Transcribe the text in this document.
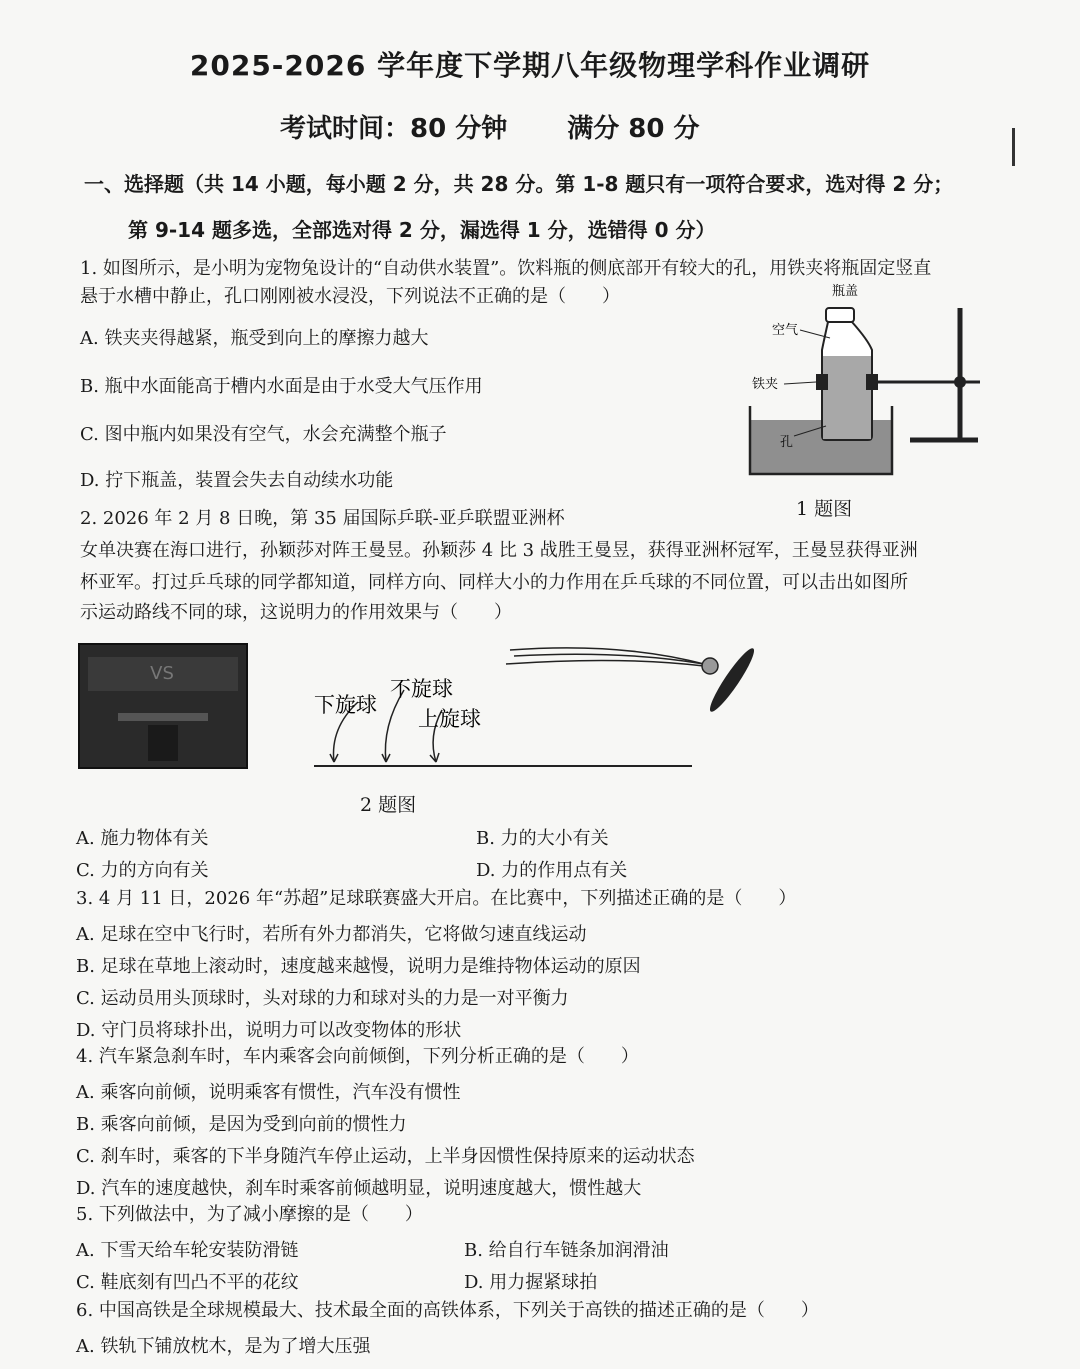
2025-2026 学年度下学期八年级物理学科作业调研
考试时间：80 分钟 满分 80 分
一、选择题（共 14 小题，每小题 2 分，共 28 分。第 1-8 题只有一项符合要求，选对得 2 分；
第 9-14 题多选，全部选对得 2 分，漏选得 1 分，选错得 0 分）
1. 如图所示，是小明为宠物兔设计的“自动供水装置”。饮料瓶的侧底部开有较大的孔，用铁夹将瓶固定竖直
悬于水槽中静止，孔口刚刚被水浸没，下列说法不正确的是（　　）
A. 铁夹夹得越紧，瓶受到向上的摩擦力越大
B. 瓶中水面能高于槽内水面是由于水受大气压作用
C. 图中瓶内如果没有空气，水会充满整个瓶子
D. 拧下瓶盖，装置会失去自动续水功能
瓶盖
空气
铁夹
孔
1 题图
2. 2026 年 2 月 8 日晚，第 35 届国际乒联-亚乒联盟亚洲杯
女单决赛在海口进行，孙颖莎对阵王曼昱。孙颖莎 4 比 3 战胜王曼昱，获得亚洲杯冠军，王曼昱获得亚洲
杯亚军。打过乒乓球的同学都知道，同样方向、同样大小的力作用在乒乓球的不同位置，可以击出如图所
示运动路线不同的球，这说明力的作用效果与（　　）
VS
下旋球
不旋球
上旋球
2 题图
A. 施力物体有关	B. 力的大小有关
C. 力的方向有关	D. 力的作用点有关
3. 4 月 11 日，2026 年“苏超”足球联赛盛大开启。在比赛中，下列描述正确的是（　　）
A. 足球在空中飞行时，若所有外力都消失，它将做匀速直线运动
B. 足球在草地上滚动时，速度越来越慢，说明力是维持物体运动的原因
C. 运动员用头顶球时，头对球的力和球对头的力是一对平衡力
D. 守门员将球扑出，说明力可以改变物体的形状
4. 汽车紧急刹车时，车内乘客会向前倾倒，下列分析正确的是（　　）
A. 乘客向前倾，说明乘客有惯性，汽车没有惯性
B. 乘客向前倾，是因为受到向前的惯性力
C. 刹车时，乘客的下半身随汽车停止运动，上半身因惯性保持原来的运动状态
D. 汽车的速度越快，刹车时乘客前倾越明显，说明速度越大，惯性越大
5. 下列做法中，为了减小摩擦的是（　　）
A. 下雪天给车轮安装防滑链	B. 给自行车链条加润滑油
C. 鞋底刻有凹凸不平的花纹	D. 用力握紧球拍
6. 中国高铁是全球规模最大、技术最全面的高铁体系，下列关于高铁的描述正确的是（　　）
A. 铁轨下铺放枕木，是为了增大压强
